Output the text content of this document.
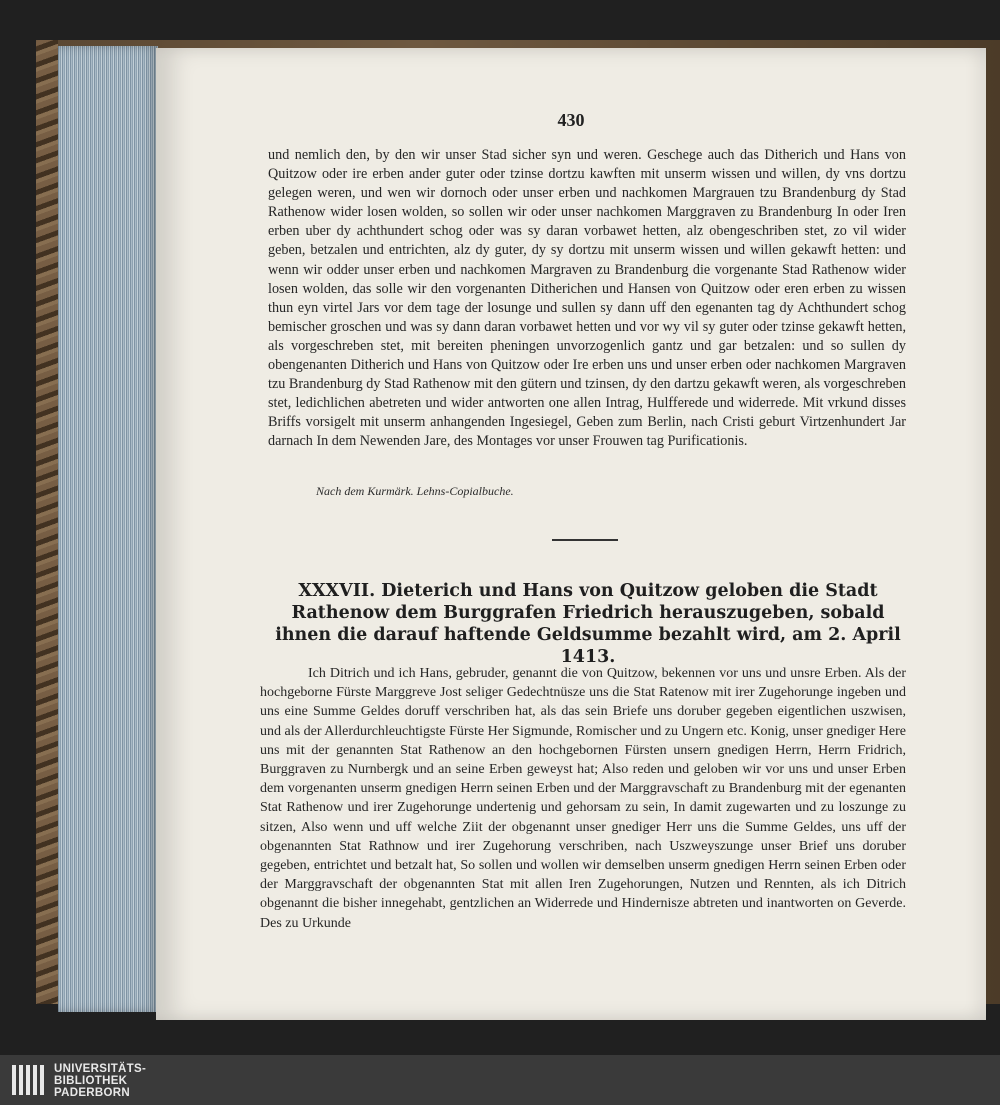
430
und nemlich den, by den wir unser Stad sicher syn und weren. Geschege auch das Ditherich und Hans von Quitzow oder ire erben ander guter oder tzinse dortzu kawften mit unserm wissen und willen, dy vns dortzu gelegen weren, und wen wir dornoch oder unser erben und nachkomen Margrauen tzu Brandenburg dy Stad Rathenow wider losen wolden, so sollen wir oder unser nachkomen Marggraven zu Brandenburg In oder Iren erben uber dy achthundert schog oder was sy daran vorbawet hetten, alz obengeschriben stet, zo vil wider geben, betzalen und entrichten, alz dy guter, dy sy dortzu mit unserm wissen und willen gekawft hetten: und wenn wir odder unser erben und nachkomen Margraven zu Brandenburg die vorgenante Stad Rathenow wider losen wolden, das solle wir den vorgenanten Ditherichen und Hansen von Quitzow oder eren erben zu wissen thun eyn virtel Jars vor dem tage der losunge und sullen sy dann uff den egenanten tag dy Achthundert schog bemischer groschen und was sy dann daran vorbawet hetten und vor wy vil sy guter oder tzinse gekawft hetten, als vorgeschreben stet, mit bereiten pheningen unvorzogenlich gantz und gar betzalen: und so sullen dy obengenanten Ditherich und Hans von Quitzow oder Ire erben uns und unser erben oder nachkomen Margraven tzu Brandenburg dy Stad Rathenow mit den gütern und tzinsen, dy den dartzu gekawft weren, als vorgeschreben stet, ledichlichen abetreten und wider antworten one allen Intrag, Hulfferede und widerrede. Mit vrkund disses Briffs vorsigelt mit unserm anhangenden Ingesiegel, Geben zum Berlin, nach Cristi geburt Virtzenhundert Jar darnach In dem Newenden Jare, des Montages vor unser Frouwen tag Purificationis.
Nach dem Kurmärk. Lehns-Copialbuche.
XXXVII. Dieterich und Hans von Quitzow geloben die Stadt Rathenow dem Burggrafen Friedrich herauszugeben, sobald ihnen die darauf haftende Geldsumme bezahlt wird, am 2. April 1413.
Ich Ditrich und ich Hans, gebruder, genannt die von Quitzow, bekennen vor uns und unsre Erben. Als der hochgeborne Fürste Marggreve Jost seliger Gedechtnüsze uns die Stat Ratenow mit irer Zugehorunge ingeben und uns eine Summe Geldes doruff verschriben hat, als das sein Briefe uns doruber gegeben eigentlichen uszwisen, und als der Allerdurchleuchtigste Fürste Her Sigmunde, Romischer und zu Ungern etc. Konig, unser gnediger Here uns mit der genannten Stat Rathenow an den hochgebornen Fürsten unsern gnedigen Herrn, Herrn Fridrich, Burggraven zu Nurnbergk und an seine Erben geweyst hat; Also reden und geloben wir vor uns und unser Erben dem vorgenanten unserm gnedigen Herrn seinen Erben und der Marggravschaft zu Brandenburg mit der egenanten Stat Rathenow und irer Zugehorunge undertenig und gehorsam zu sein, In damit zugewarten und zu loszunge zu sitzen, Also wenn und uff welche Ziit der obgenannt unser gnediger Herr uns die Summe Geldes, uns uff der obgenannten Stat Rathnow und irer Zugehorung verschriben, nach Uszweyszunge unser Brief uns doruber gegeben, entrichtet und betzalt hat, So sollen und wollen wir demselben unserm gnedigen Herrn seinen Erben oder der Marggravschaft der obgenannten Stat mit allen Iren Zugehorungen, Nutzen und Rennten, als ich Ditrich obgenannt die bisher innegehabt, gentzlichen an Widerrede und Hindernisze abtreten und inantworten on Geverde. Des zu Urkunde
UNIVERSITÄTS-
BIBLIOTHEK
PADERBORN
